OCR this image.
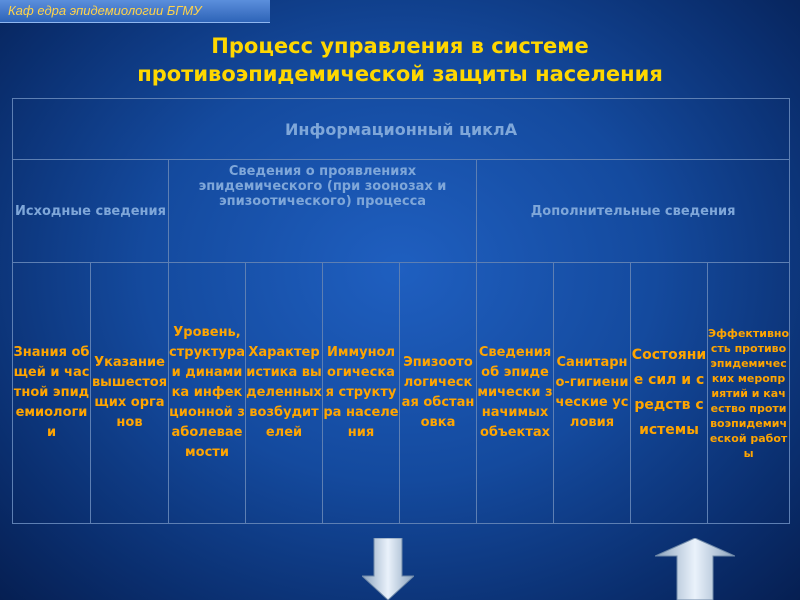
Каф едра эпидемиологии БГМУ
Процесс управления в системе
противоэпидемической защиты населения
Информационный циклА									
Исходные сведения		Сведения о проявлениях эпидемического (при зоонозах и эпизоотического) процесса				Дополнительные сведения			
Знания общей и частной эпидемиологии	Указание вышестоящих органов	Уровень, структура и динамика инфекционной заболеваемости	Характеристика выделенных возбудителей	Иммунологическая структура населения	Эпизоотологическая обстановка	Сведения об эпидемически значимых объектах	Санитарно-гигиенические условия	Состояние сил и средств системы	Эффективность противоэпидемических мероприятий и качество противоэпидемической работы
